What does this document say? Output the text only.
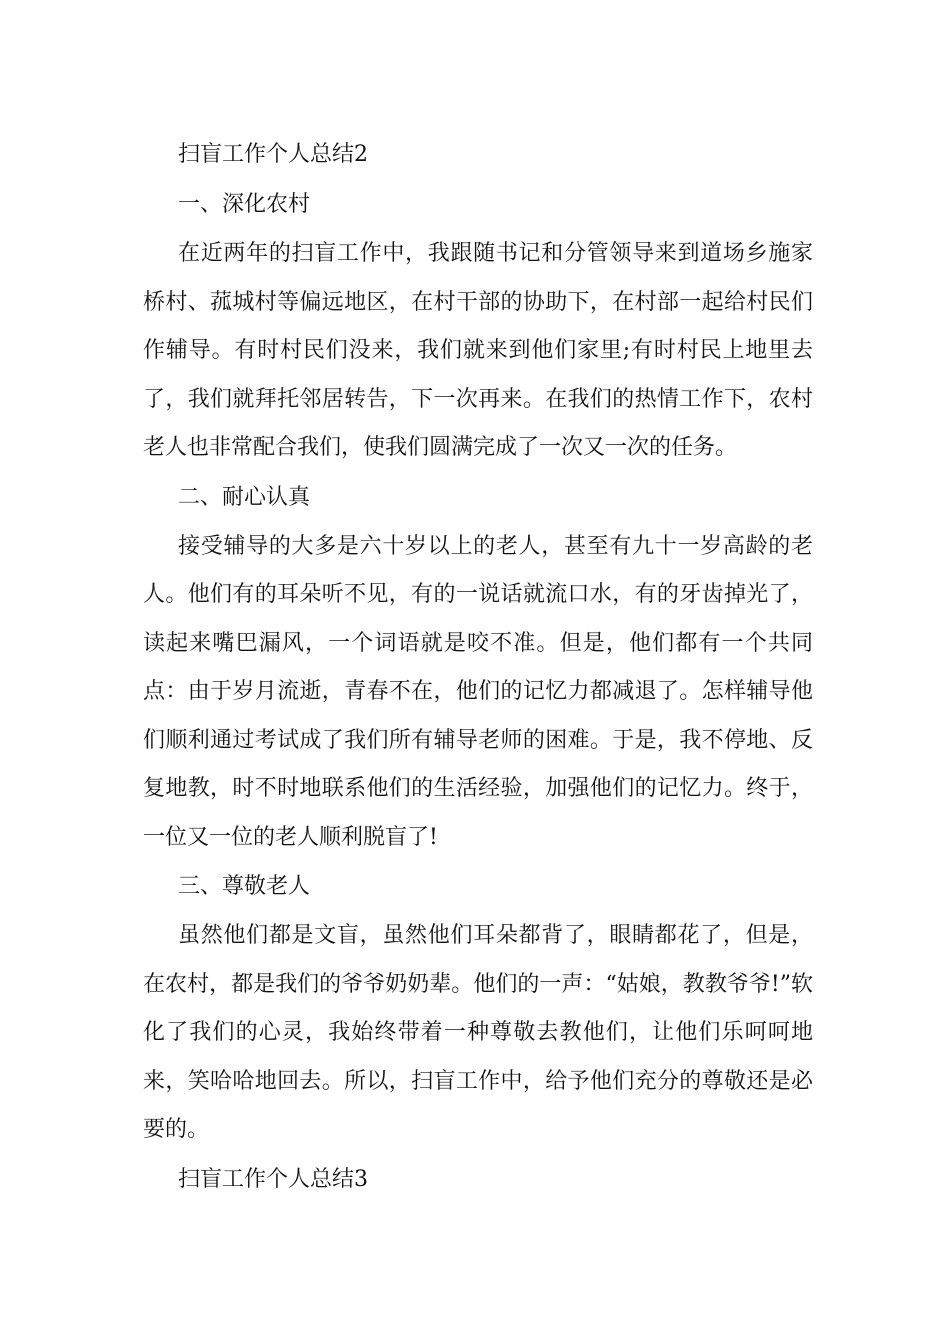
扫盲工作个人总结2

一、深化农村

在近两年的扫盲工作中，我跟随书记和分管领导来到道场乡施家桥村、菰城村等偏远地区，在村干部的协助下，在村部一起给村民们作辅导。有时村民们没来，我们就来到他们家里;有时村民上地里去了，我们就拜托邻居转告，下一次再来。在我们的热情工作下，农村老人也非常配合我们，使我们圆满完成了一次又一次的任务。

二、耐心认真

接受辅导的大多是六十岁以上的老人，甚至有九十一岁高龄的老人。他们有的耳朵听不见，有的一说话就流口水，有的牙齿掉光了，读起来嘴巴漏风，一个词语就是咬不准。但是，他们都有一个共同点：由于岁月流逝，青春不在，他们的记忆力都减退了。怎样辅导他们顺利通过考试成了我们所有辅导老师的困难。于是，我不停地、反复地教，时不时地联系他们的生活经验，加强他们的记忆力。终于，一位又一位的老人顺利脱盲了!

三、尊敬老人

虽然他们都是文盲，虽然他们耳朵都背了，眼睛都花了，但是，在农村，都是我们的爷爷奶奶辈。他们的一声：“姑娘，教教爷爷!”软化了我们的心灵，我始终带着一种尊敬去教他们，让他们乐呵呵地来，笑哈哈地回去。所以，扫盲工作中，给予他们充分的尊敬还是必要的。

扫盲工作个人总结3
